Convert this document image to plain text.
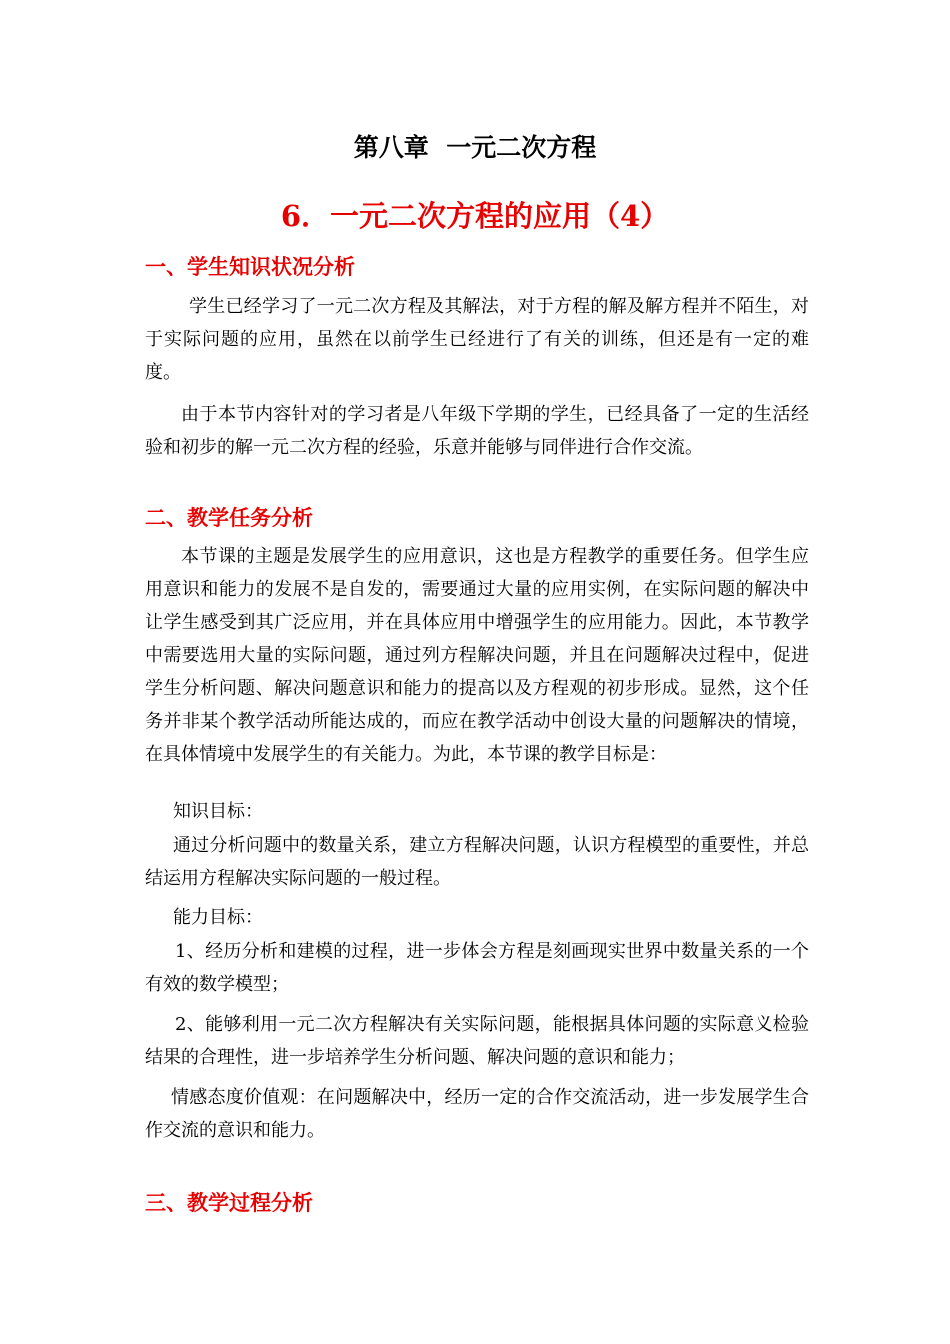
第八章  一元二次方程
6．一元二次方程的应用（4）
一、学生知识状况分析
学生已经学习了一元二次方程及其解法，对于方程的解及解方程并不陌生，对于实际问题的应用，虽然在以前学生已经进行了有关的训练，但还是有一定的难度。
由于本节内容针对的学习者是八年级下学期的学生，已经具备了一定的生活经验和初步的解一元二次方程的经验，乐意并能够与同伴进行合作交流。
二、教学任务分析
本节课的主题是发展学生的应用意识，这也是方程教学的重要任务。但学生应用意识和能力的发展不是自发的，需要通过大量的应用实例，在实际问题的解决中让学生感受到其广泛应用，并在具体应用中增强学生的应用能力。因此，本节教学中需要选用大量的实际问题，通过列方程解决问题，并且在问题解决过程中，促进学生分析问题、解决问题意识和能力的提高以及方程观的初步形成。显然，这个任务并非某个教学活动所能达成的，而应在教学活动中创设大量的问题解决的情境，在具体情境中发展学生的有关能力。为此，本节课的教学目标是：
知识目标：
通过分析问题中的数量关系，建立方程解决问题，认识方程模型的重要性，并总结运用方程解决实际问题的一般过程。
能力目标：
1、经历分析和建模的过程，进一步体会方程是刻画现实世界中数量关系的一个有效的数学模型；
2、能够利用一元二次方程解决有关实际问题，能根据具体问题的实际意义检验结果的合理性，进一步培养学生分析问题、解决问题的意识和能力；
情感态度价值观：在问题解决中，经历一定的合作交流活动，进一步发展学生合作交流的意识和能力。
三、教学过程分析
